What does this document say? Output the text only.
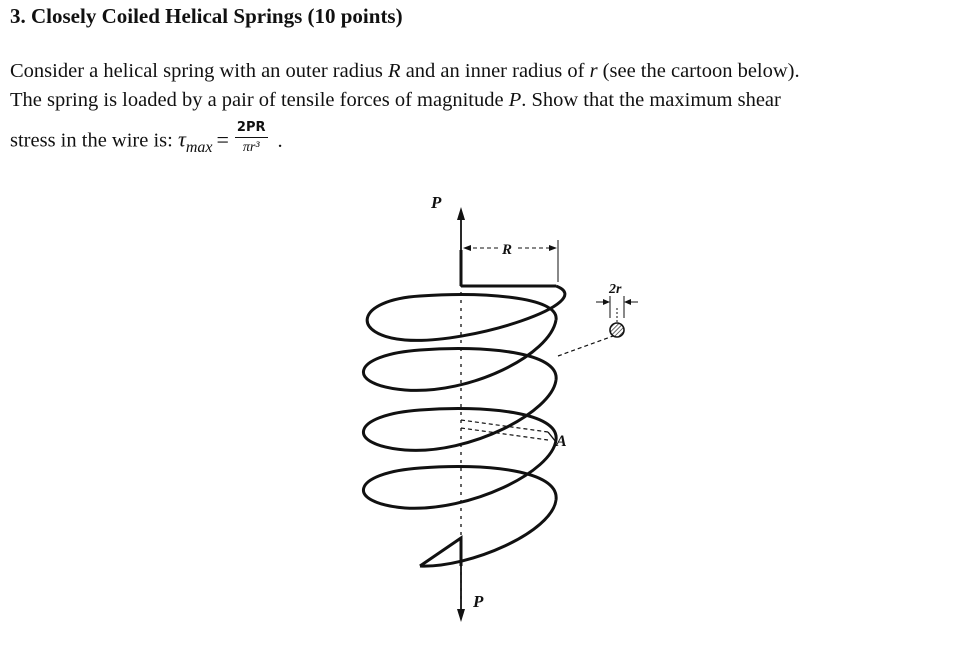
3. Closely Coiled Helical Springs (10 points)
Consider a helical spring with an outer radius R and an inner radius of r (see the cartoon below).
The spring is loaded by a pair of tensile forces of magnitude P. Show that the maximum shear
stress in the wire is: $\tau_{max} = \frac{2PR}{\text{πr³}}$ .
P
R
P
A
2r
